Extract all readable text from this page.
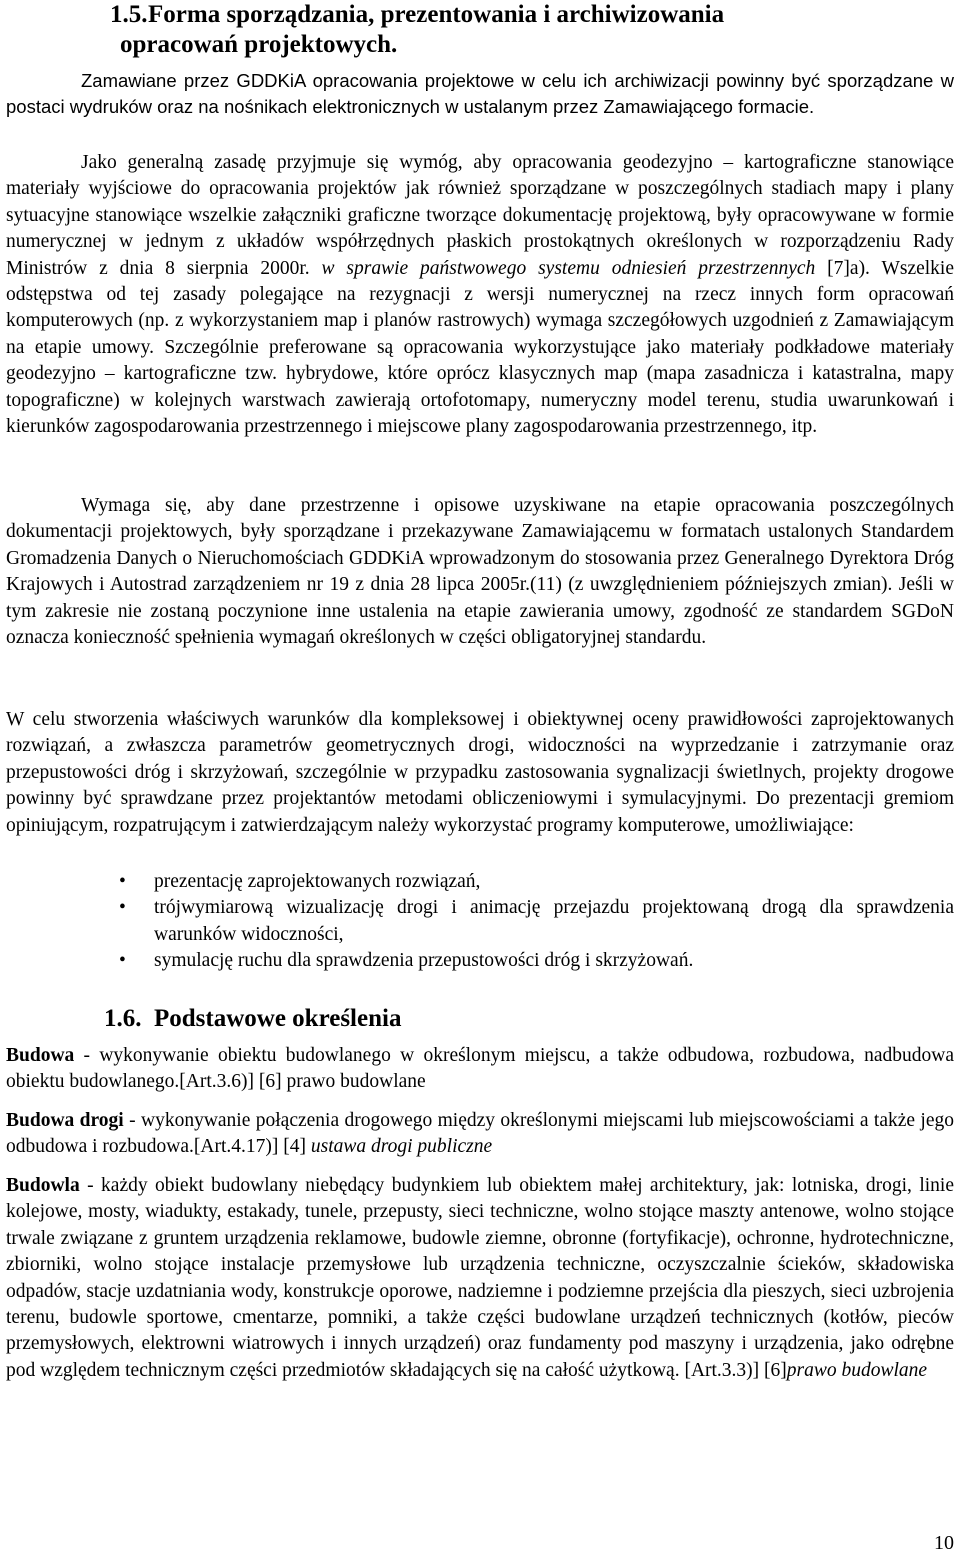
1.5.Forma sporządzania, prezentowania i archiwizowania
opracowań projektowych.

Zamawiane przez GDDKiA opracowania projektowe w celu ich archiwizacji powinny być sporządzane w postaci wydruków oraz na nośnikach elektronicznych w ustalanym przez Zamawiającego formacie.

Jako generalną zasadę przyjmuje się wymóg, aby opracowania geodezyjno – kartograficzne stanowiące materiały wyjściowe do opracowania projektów jak również sporządzane w poszczególnych stadiach mapy i plany sytuacyjne stanowiące wszelkie załączniki graficzne tworzące dokumentację projektową, były opracowywane w formie numerycznej w jednym z układów współrzędnych płaskich prostokątnych określonych w rozporządzeniu Rady Ministrów z dnia 8 sierpnia 2000r. w sprawie państwowego systemu odniesień przestrzennych [7]a). Wszelkie odstępstwa od tej zasady polegające na rezygnacji z wersji numerycznej na rzecz innych form opracowań komputerowych (np. z wykorzystaniem map i planów rastrowych) wymaga szczegółowych uzgodnień z Zamawiającym na etapie umowy. Szczególnie preferowane są opracowania wykorzystujące jako materiały podkładowe materiały geodezyjno – kartograficzne tzw. hybrydowe, które oprócz klasycznych map (mapa zasadnicza i katastralna, mapy topograficzne) w kolejnych warstwach zawierają ortofotomapy, numeryczny model terenu, studia uwarunkowań i kierunków zagospodarowania przestrzennego i miejscowe plany zagospodarowania przestrzennego, itp.

Wymaga się, aby dane przestrzenne i opisowe uzyskiwane na etapie opracowania poszczególnych dokumentacji projektowych, były sporządzane i przekazywane Zamawiającemu w formatach ustalonych Standardem Gromadzenia Danych o Nieruchomościach GDDKiA wprowadzonym do stosowania przez Generalnego Dyrektora Dróg Krajowych i Autostrad zarządzeniem nr 19 z dnia 28 lipca 2005r.(11) (z uwzględnieniem późniejszych zmian). Jeśli w tym zakresie nie zostaną poczynione inne ustalenia na etapie zawierania umowy, zgodność ze standardem SGDoN oznacza konieczność spełnienia wymagań określonych w części obligatoryjnej standardu.

W celu stworzenia właściwych warunków dla kompleksowej i obiektywnej oceny prawidłowości zaprojektowanych rozwiązań, a zwłaszcza parametrów geometrycznych drogi, widoczności na wyprzedzanie i zatrzymanie oraz przepustowości dróg i skrzyżowań, szczególnie w przypadku zastosowania sygnalizacji świetlnych, projekty drogowe powinny być sprawdzane przez projektantów metodami obliczeniowymi i symulacyjnymi. Do prezentacji gremiom opiniującym, rozpatrującym i zatwierdzającym należy wykorzystać programy komputerowe, umożliwiające:

• prezentację zaprojektowanych rozwiązań,
• trójwymiarową wizualizację drogi i animację przejazdu projektowaną drogą dla sprawdzenia warunków widoczności,
• symulację ruchu dla sprawdzenia przepustowości dróg i skrzyżowań.
1.6. Podstawowe określenia

Budowa - wykonywanie obiektu budowlanego w określonym miejscu, a także odbudowa, rozbudowa, nadbudowa obiektu budowlanego.[Art.3.6)] [6] prawo budowlane

Budowa drogi - wykonywanie połączenia drogowego między określonymi miejscami lub miejscowościami a także jego odbudowa i rozbudowa.[Art.4.17)] [4] ustawa drogi publiczne

Budowla - każdy obiekt budowlany niebędący budynkiem lub obiektem małej architektury, jak: lotniska, drogi, linie kolejowe, mosty, wiadukty, estakady, tunele, przepusty, sieci techniczne, wolno stojące maszty antenowe, wolno stojące trwale związane z gruntem urządzenia reklamowe, budowle ziemne, obronne (fortyfikacje), ochronne, hydrotechniczne, zbiorniki, wolno stojące instalacje przemysłowe lub urządzenia techniczne, oczyszczalnie ścieków, składowiska odpadów, stacje uzdatniania wody, konstrukcje oporowe, nadziemne i podziemne przejścia dla pieszych, sieci uzbrojenia terenu, budowle sportowe, cmentarze, pomniki, a także części budowlane urządzeń technicznych (kotłów, pieców przemysłowych, elektrowni wiatrowych i innych urządzeń) oraz fundamenty pod maszyny i urządzenia, jako odrębne pod względem technicznym części przedmiotów składających się na całość użytkową. [Art.3.3)] [6]prawo budowlane

10
